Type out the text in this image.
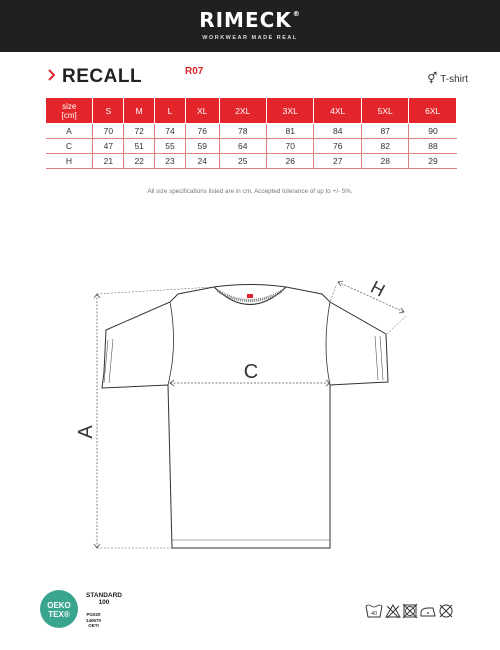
RIMECK®
WORKWEAR MADE REAL
RECALL	R07
⚥ T-shirt
size
[cm]	S	M	L	XL	2XL	3XL	4XL	5XL	6XL
A	70	72	74	76	78	81	84	87	90
C	47	51	55	59	64	70	76	82	88
H	21	22	23	24	25	26	27	28	29
All size specifications listed are in cm. Accepted tolerance of up to +/- 5%.
A
C
H
OEKO
TEX®
STANDARD
100
PG020 140670
OETI
40
